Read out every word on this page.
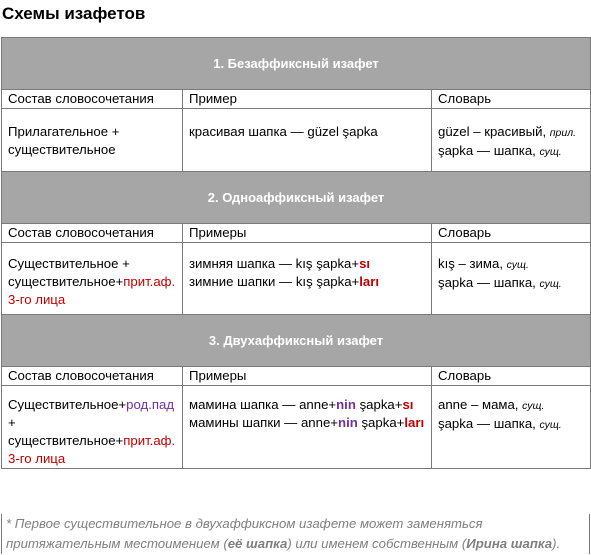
Схемы изафетов
1. Безаффиксный изафет		
Состав словосочетания	Пример	Словарь

Прилагательное +
существительное	красивая шапка — güzel şapka	güzel – красивый, прил.
şapka — шапка, сущ.

2. Одноаффиксный изафет		
Состав словосочетания	Примеры	Словарь

Существительное +
существительное+прит.аф.
3-го лица	зимняя шапка — kış şapka+sı
зимние шапки — kış şapka+ları	kış – зима, сущ.
şapka — шапка, сущ.

3. Двухаффиксный изафет		
Состав словосочетания	Примеры	Словарь

Существительное+род.пад
+
существительное+прит.аф.
3-го лица	мамина шапка — anne+nin şapka+sı
мамины шапки — anne+nin şapka+ları	anne – мама, сущ.
şapka — шапка, сущ.
* Первое существительное в двухаффиксном изафете может заменяться притяжательным местоимением (её шапка) или именем собственным (Ирина шапка).
